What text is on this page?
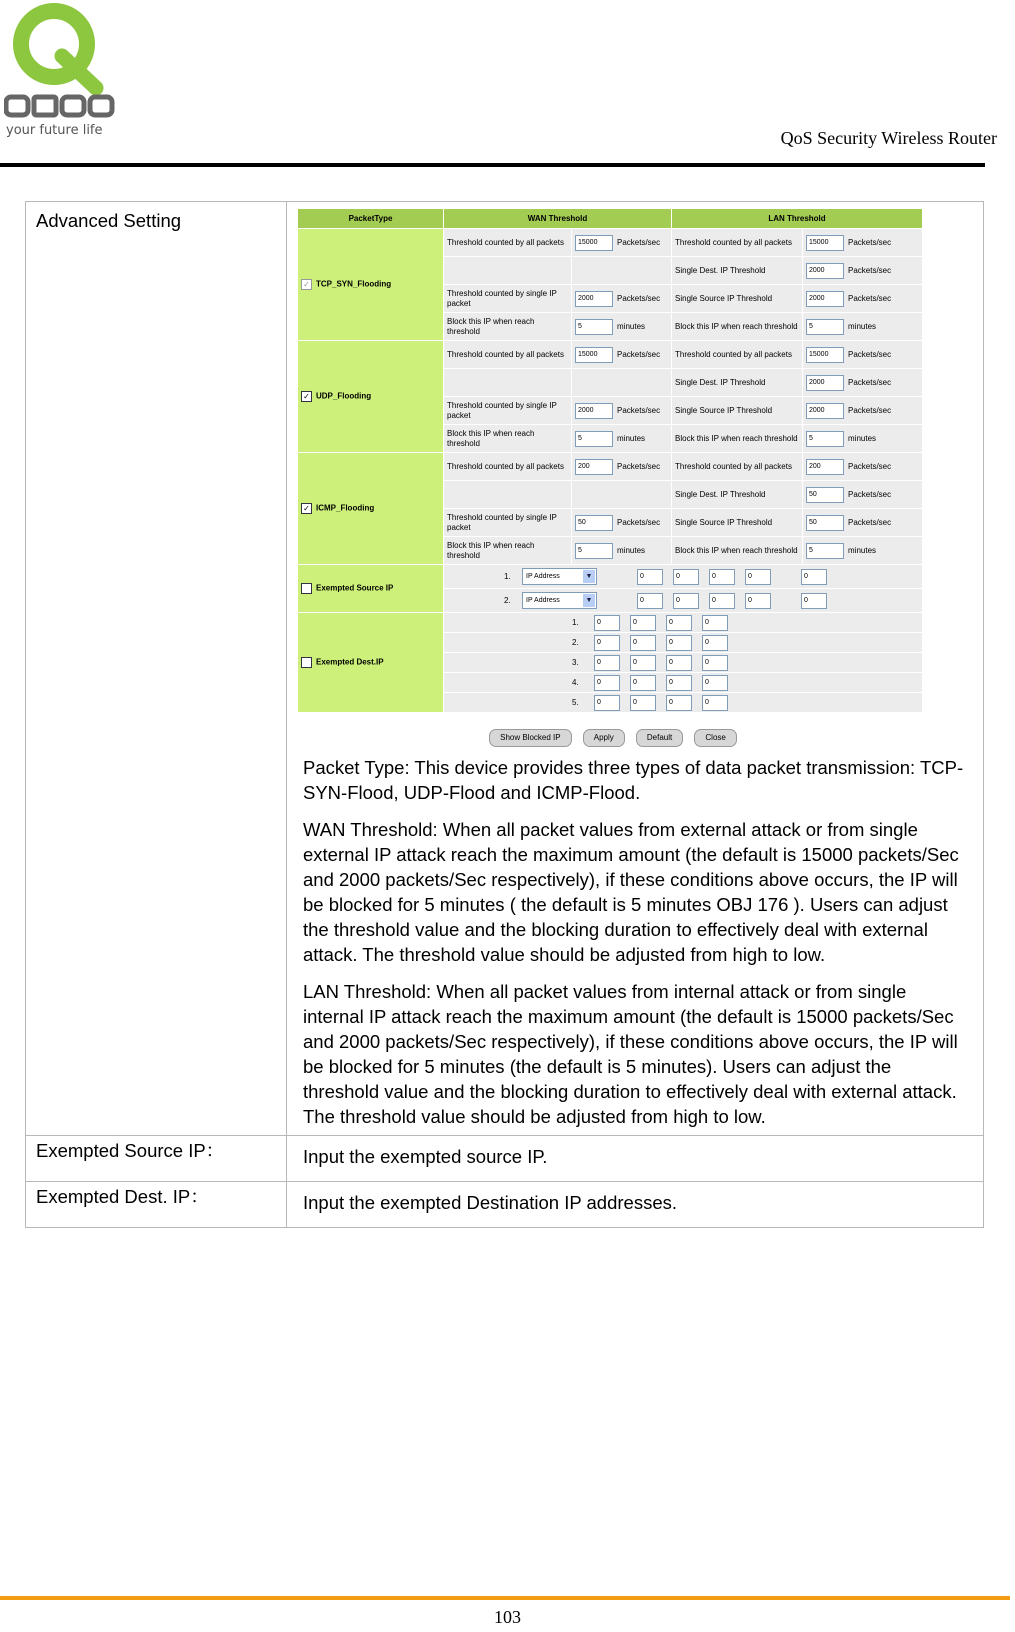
your future life	QoS Security Wireless Router
Advanced Setting		PacketType	WAN Threshold	LAN Threshold
✓ TCP_SYN_Flooding	Threshold counted by all packets	15000 Packets/sec	Threshold counted by all packets	15000 Packets/sec
		Single Dest. IP Threshold	2000	Packets/sec
Threshold counted by single IP packet	2000	Packets/sec	Single Source IP Threshold	2000	Packets/sec
Block this IP when reach threshold	5	minutes	Block this IP when reach threshold	5	minutes
✓ UDP_Flooding	Threshold counted by all packets	15000 Packets/sec	Threshold counted by all packets	15000 Packets/sec
		Single Dest. IP Threshold	2000	Packets/sec
Threshold counted by single IP packet	2000	Packets/sec	Single Source IP Threshold	2000	Packets/sec
Block this IP when reach threshold	5	minutes	Block this IP when reach threshold	5	minutes
✓ ICMP_Flooding	Threshold counted by all packets	200	Packets/sec	Threshold counted by all packets	200	Packets/sec
		Single Dest. IP Threshold	50	Packets/sec
Threshold counted by single IP packet	50	Packets/sec	Single Source IP Threshold	50	Packets/sec
Block this IP when reach threshold	5	minutes	Block this IP when reach threshold	5	minutes
Exempted Source IP	1. IP Address	▼	0	0	0	0	0
2. IP Address	▼	0	0	0	0	0
Exempted Dest.IP	1.	0	0	0	0
2.	0	0	0	0
3.	0	0	0	0
4.	0	0	0	0
5.	0	0	0	0
Show Blocked IP	Apply	Default	Close

Packet Type: This device provides three types of data packet transmission: TCP-SYN-Flood, UDP-Flood and ICMP-Flood.

WAN Threshold: When all packet values from external attack or from single external IP attack reach the maximum amount (the default is 15000 packets/Sec and 2000 packets/Sec respectively), if these conditions above occurs, the IP will be blocked for 5 minutes ( the default is 5 minutes OBJ 176 ). Users can adjust the threshold value and the blocking duration to effectively deal with external attack. The threshold value should be adjusted from high to low.

LAN Threshold: When all packet values from internal attack or from single internal IP attack reach the maximum amount (the default is 15000 packets/Sec and 2000 packets/Sec respectively), if these conditions above occurs, the IP will be blocked for 5 minutes (the default is 5 minutes). Users can adjust the threshold value and the blocking duration to effectively deal with external attack. The threshold value should be adjusted from high to low.

Exempted Source IP：	Input the exempted source IP.
Exempted Dest. IP：	Input the exempted Destination IP addresses.
103
